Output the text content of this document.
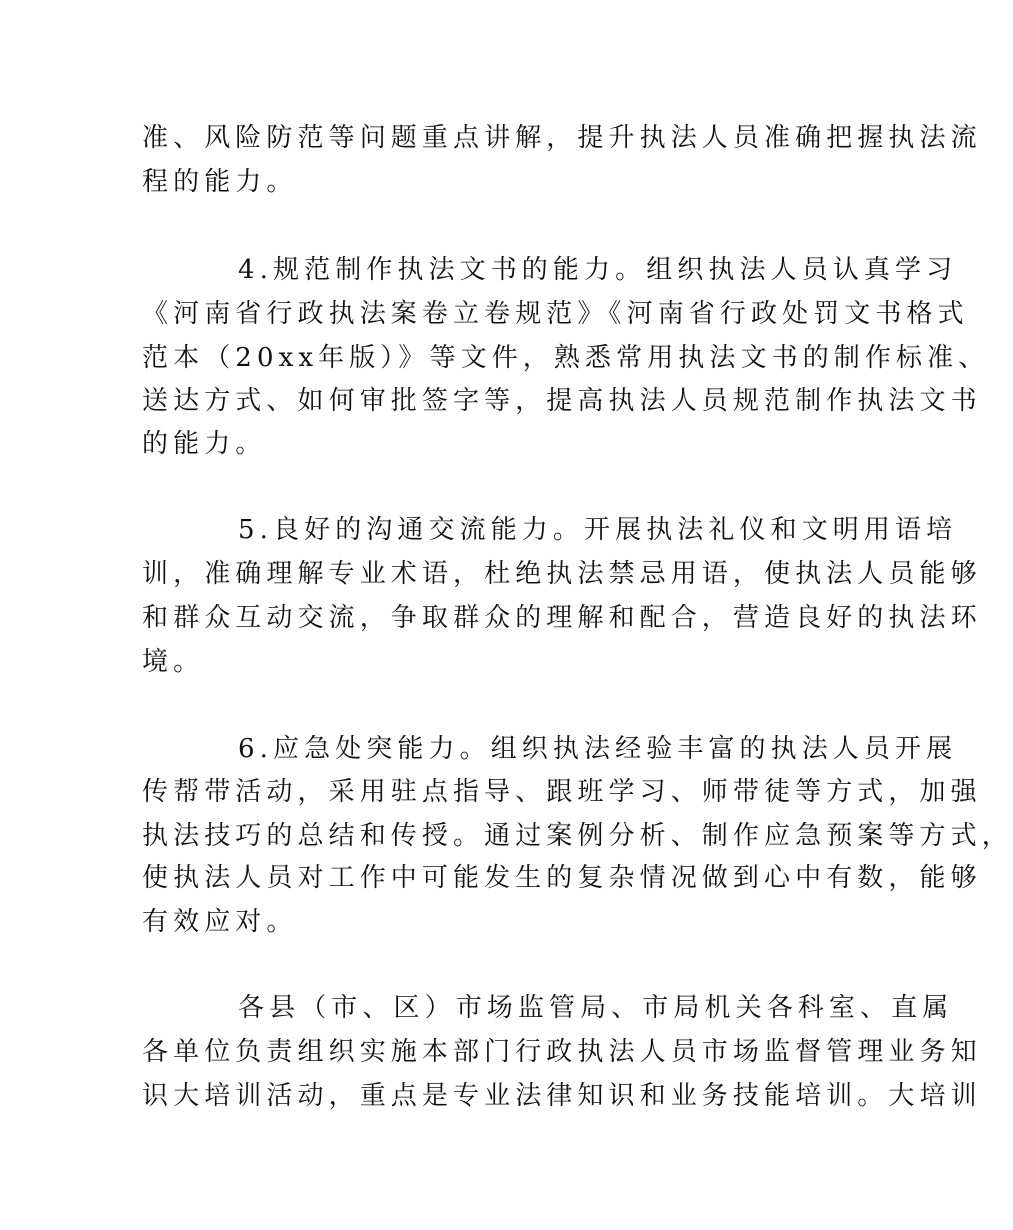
准、风险防范等问题重点讲解，提升执法人员准确把握执法流
程的能力。
4.规范制作执法文书的能力。组织执法人员认真学习
《河南省行政执法案卷立卷规范》《河南省行政处罚文书格式
范本（20xx年版）》等文件，熟悉常用执法文书的制作标准、
送达方式、如何审批签字等，提高执法人员规范制作执法文书
的能力。
5.良好的沟通交流能力。开展执法礼仪和文明用语培
训，准确理解专业术语，杜绝执法禁忌用语，使执法人员能够
和群众互动交流，争取群众的理解和配合，营造良好的执法环
境。
6.应急处突能力。组织执法经验丰富的执法人员开展
传帮带活动，采用驻点指导、跟班学习、师带徒等方式，加强
执法技巧的总结和传授。通过案例分析、制作应急预案等方式，
使执法人员对工作中可能发生的复杂情况做到心中有数，能够
有效应对。
各县（市、区）市场监管局、市局机关各科室、直属
各单位负责组织实施本部门行政执法人员市场监督管理业务知
识大培训活动，重点是专业法律知识和业务技能培训。大培训
